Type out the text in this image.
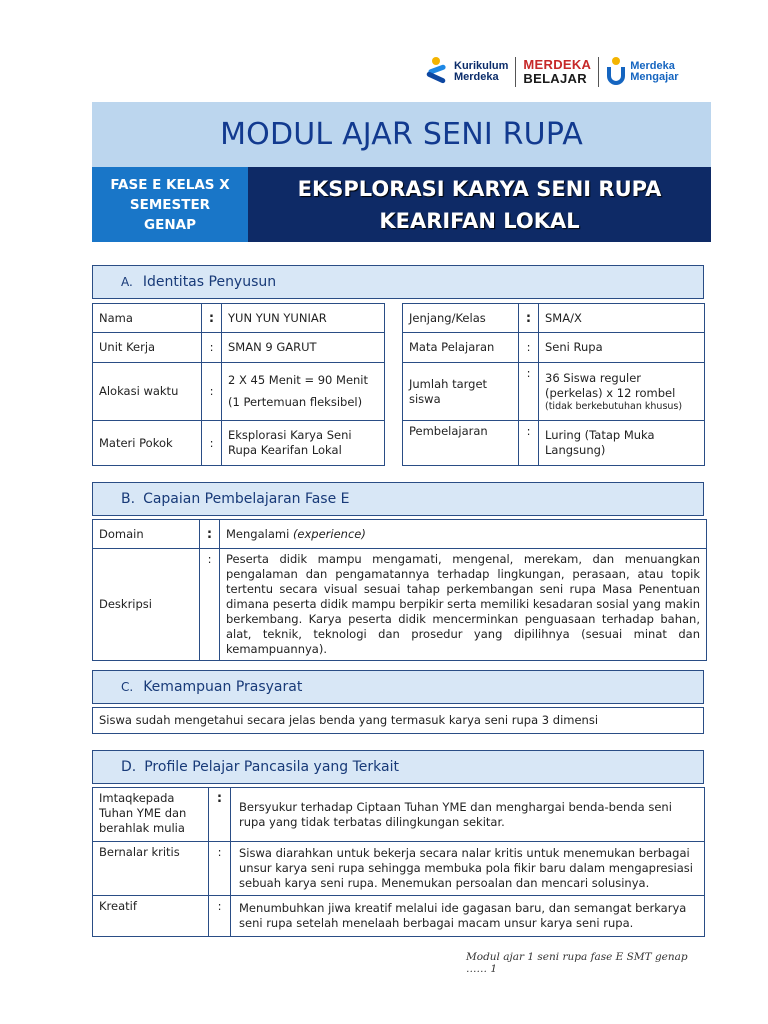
Kurikulum
Merdeka
MERDEKA
BELAJAR
Merdeka
Mengajar
MODUL AJAR SENI RUPA
FASE E KELAS X
SEMESTER
GENAP
EKSPLORASI KARYA SENI RUPA
KEARIFAN LOKAL
A. Identitas Penyusun
Nama	:	YUN YUN YUNIAR
Unit Kerja	:	SMAN 9 GARUT
Alokasi waktu	:	2 X 45 Menit = 90 Menit
(1 Pertemuan fleksibel)

Materi Pokok	:	Eksplorasi Karya Seni Rupa Kearifan Lokal
Jenjang/Kelas	:	SMA/X
Mata Pelajaran	:	Seni Rupa
Jumlah target siswa	:	36 Siswa reguler (perkelas) x 12 rombel
(tidak berkebutuhan khusus)

Pembelajaran	:	Luring (Tatap Muka Langsung)
B. Capaian Pembelajaran Fase E
Domain	:	Mengalami (experience)
Deskripsi	:	Peserta didik mampu mengamati, mengenal, merekam, dan menuangkan pengalaman dan pengamatannya terhadap lingkungan, perasaan, atau topik tertentu secara visual sesuai tahap perkembangan seni rupa Masa Penentuan dimana peserta didik mampu berpikir serta memiliki kesadaran sosial yang makin berkembang. Karya peserta didik mencerminkan penguasaan terhadap bahan, alat, teknik, teknologi dan prosedur yang dipilihnya (sesuai minat dan kemampuannya).
C. Kemampuan Prasyarat
Siswa sudah mengetahui secara jelas benda yang termasuk karya seni rupa 3 dimensi
D. Profile Pelajar Pancasila yang Terkait
Imtaqkepada Tuhan YME dan berahlak mulia	:	Bersyukur terhadap Ciptaan Tuhan YME dan menghargai benda-benda seni rupa yang tidak terbatas dilingkungan sekitar.
Bernalar kritis	:	Siswa diarahkan untuk bekerja secara nalar kritis untuk menemukan berbagai unsur karya seni rupa sehingga membuka pola fikir baru dalam mengapresiasi sebuah karya seni rupa. Menemukan persoalan dan mencari solusinya.
Kreatif	:	Menumbuhkan jiwa kreatif melalui ide gagasan baru, dan semangat berkarya seni rupa setelah menelaah berbagai macam unsur karya seni rupa.
Modul ajar 1 seni rupa fase E SMT genap …… 1
